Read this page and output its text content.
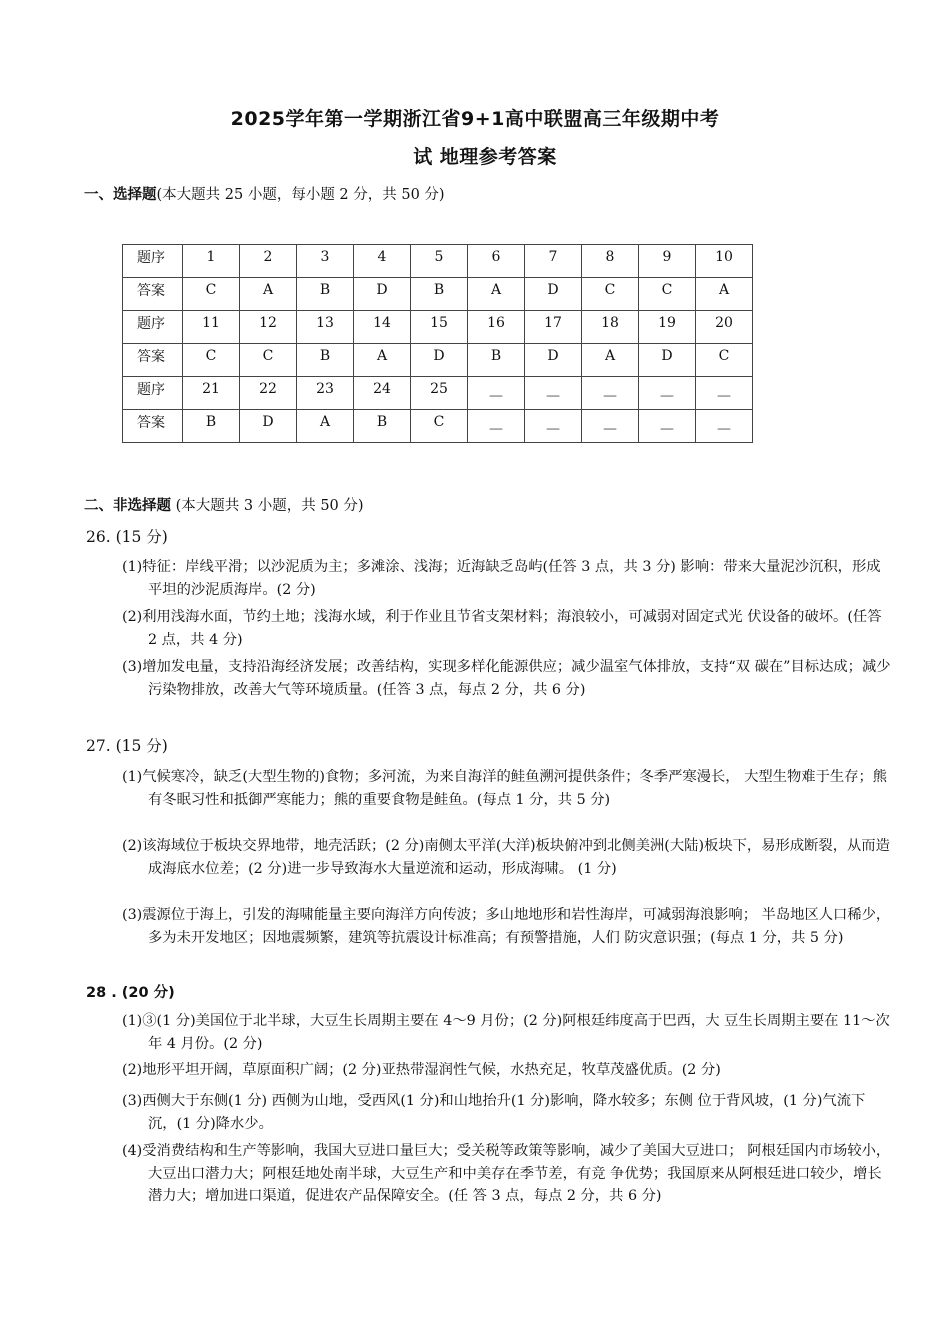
2025学年第一学期浙江省9+1高中联盟高三年级期中考
试 地理参考答案
一、选择题(本大题共 25 小题，每小题 2 分，共 50 分)
题序	1	2	3	4	5	6	7	8	9	10
答案	C	A	B	D	B	A	D	C	C	A
题序	11	12	13	14	15	16	17	18	19	20
答案	C	C	B	A	D	B	D	A	D	C
题序	21	22	23	24	25	—	—	—	—	—
答案	B	D	A	B	C	—	—	—	—	—
二、非选择题 (本大题共 3 小题，共 50 分)
26. (15 分)
(1)特征：岸线平滑；以沙泥质为主；多滩涂、浅海；近海缺乏岛屿(任答 3 点，共 3 分) 影响：带来大量泥沙沉积，形成平坦的沙泥质海岸。(2 分)
(2)利用浅海水面，节约土地；浅海水域，利于作业且节省支架材料；海浪较小，可减弱对固定式光 伏设备的破坏。(任答 2 点，共 4 分)
(3)增加发电量，支持沿海经济发展；改善结构，实现多样化能源供应；减少温室气体排放，支持“双 碳在”目标达成；减少污染物排放，改善大气等环境质量。(任答 3 点，每点 2 分，共 6 分)
27. (15 分)
(1)气候寒冷，缺乏(大型生物的)食物；多河流，为来自海洋的鲑鱼溯河提供条件；冬季严寒漫长， 大型生物难于生存；熊有冬眠习性和抵御严寒能力；熊的重要食物是鲑鱼。(每点 1 分，共 5 分)
(2)该海域位于板块交界地带，地壳活跃；(2 分)南侧太平洋(大洋)板块俯冲到北侧美洲(大陆)板块下，易形成断裂，从而造成海底水位差；(2 分)进一步导致海水大量逆流和运动，形成海啸。 (1 分)
(3)震源位于海上，引发的海啸能量主要向海洋方向传波；多山地地形和岩性海岸，可减弱海浪影响； 半岛地区人口稀少，多为未开发地区；因地震频繁，建筑等抗震设计标准高；有预警措施，人们 防灾意识强；(每点 1 分，共 5 分)
28 . (20 分)
(1)③(1 分)美国位于北半球，大豆生长周期主要在 4～9 月份；(2 分)阿根廷纬度高于巴西，大 豆生长周期主要在 11～次年 4 月份。(2 分)
(2)地形平坦开阔，草原面积广阔；(2 分)亚热带湿润性气候，水热充足，牧草茂盛优质。(2 分)
(3)西侧大于东侧(1 分) 西侧为山地，受西风(1 分)和山地抬升(1 分)影响，降水较多；东侧 位于背风坡，(1 分)气流下沉，(1 分)降水少。
(4)受消费结构和生产等影响，我国大豆进口量巨大；受关税等政策等影响，减少了美国大豆进口； 阿根廷国内市场较小，大豆出口潜力大；阿根廷地处南半球，大豆生产和中美存在季节差，有竞 争优势；我国原来从阿根廷进口较少，增长潜力大；增加进口渠道，促进农产品保障安全。(任 答 3 点，每点 2 分，共 6 分)
